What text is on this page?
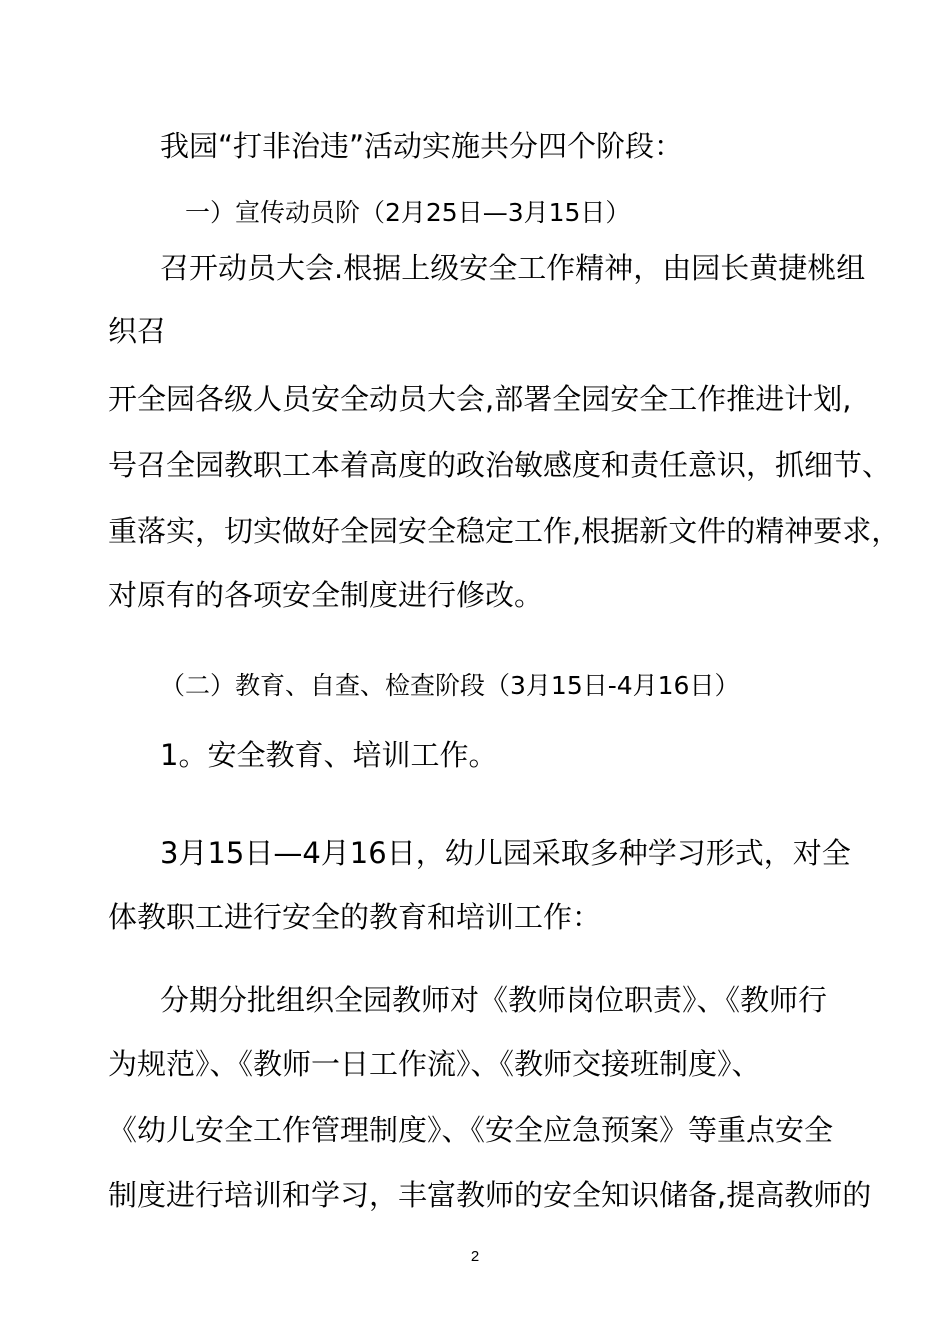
我园“打非治违”活动实施共分四个阶段：
一）宣传动员阶（2月25日—3月15日）
召开动员大会.根据上级安全工作精神，由园长黄捷桃组
织召
开全园各级人员安全动员大会,部署全园安全工作推进计划,
号召全园教职工本着高度的政治敏感度和责任意识，抓细节、
重落实，切实做好全园安全稳定工作,根据新文件的精神要求，
对原有的各项安全制度进行修改。
（二）教育、自查、检查阶段（3月15日-4月16日）
1。安全教育、培训工作。
3月15日—4月16日，幼儿园采取多种学习形式，对全
体教职工进行安全的教育和培训工作：
分期分批组织全园教师对《教师岗位职责》、《教师行
为规范》、《教师一日工作流》、《教师交接班制度》、
《幼儿安全工作管理制度》、《安全应急预案》等重点安全
制度进行培训和学习，丰富教师的安全知识储备,提高教师的
2
